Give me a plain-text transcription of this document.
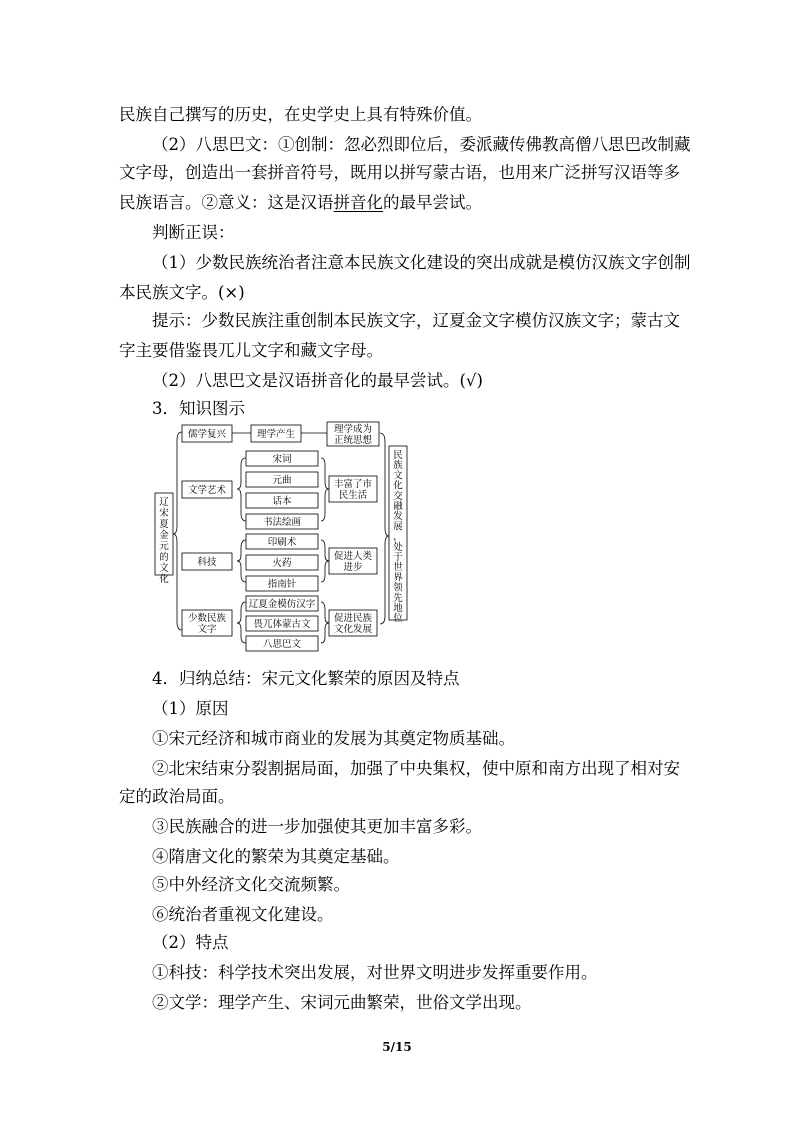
民族自己撰写的历史，在史学史上具有特殊价值。
（2）八思巴文：①创制：忽必烈即位后，委派藏传佛教高僧八思巴改制藏
文字母，创造出一套拼音符号，既用以拼写蒙古语，也用来广泛拼写汉语等多
民族语言。②意义：这是汉语拼音化的最早尝试。
判断正误：
（1）少数民族统治者注意本民族文化建设的突出成就是模仿汉族文字创制
本民族文字。(×)
提示：少数民族注重创制本民族文字，辽夏金文字模仿汉族文字；蒙古文
字主要借鉴畏兀儿文字和藏文字母。
（2）八思巴文是汉语拼音化的最早尝试。(√)
3．知识图示
辽宋夏金元的文化
儒学复兴	理学产生	理学成为
正统思想
文学艺术
宋词
元曲
话本
书法绘画
丰富了市
民生活
科技
印刷术
火药
指南针
促进人类
进步
少数民族
文字
辽夏金模仿汉字
畏兀体蒙古文
八思巴文
促进民族
文化发展
民族文化交融发展，处于世界领先地位
4．归纳总结：宋元文化繁荣的原因及特点
（1）原因
①宋元经济和城市商业的发展为其奠定物质基础。
②北宋结束分裂割据局面，加强了中央集权，使中原和南方出现了相对安
定的政治局面。
③民族融合的进一步加强使其更加丰富多彩。
④隋唐文化的繁荣为其奠定基础。
⑤中外经济文化交流频繁。
⑥统治者重视文化建设。
（2）特点
①科技：科学技术突出发展，对世界文明进步发挥重要作用。
②文学：理学产生、宋词元曲繁荣，世俗文学出现。
5/15
